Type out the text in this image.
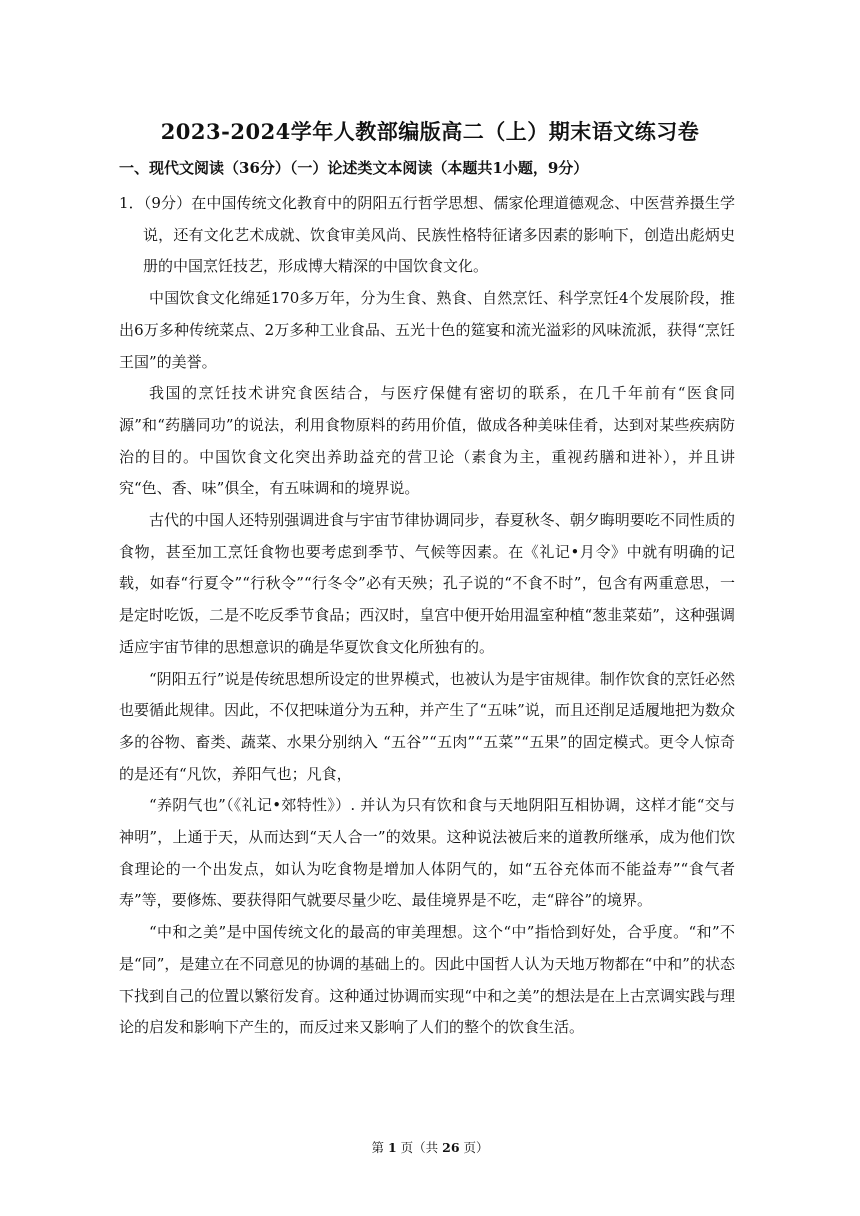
2023-2024学年人教部编版高二（上）期末语文练习卷
一、现代文阅读（36分）（一）论述类文本阅读（本题共1小题，9分）

1．（9分）在中国传统文化教育中的阴阳五行哲学思想、儒家伦理道德观念、中医营养摄生学说，还有文化艺术成就、饮食审美风尚、民族性格特征诸多因素的影响下，创造出彪炳史册的中国烹饪技艺，形成博大精深的中国饮食文化。

中国饮食文化绵延170多万年，分为生食、熟食、自然烹饪、科学烹饪4个发展阶段，推出6万多种传统菜点、2万多种工业食品、五光十色的筵宴和流光溢彩的风味流派，获得“烹饪王国”的美誉。

我国的烹饪技术讲究食医结合，与医疗保健有密切的联系，在几千年前有“医食同源”和“药膳同功”的说法，利用食物原料的药用价值，做成各种美味佳肴，达到对某些疾病防治的目的。中国饮食文化突出养助益充的营卫论（素食为主，重视药膳和进补），并且讲究“色、香、味”俱全，有五味调和的境界说。

古代的中国人还特别强调进食与宇宙节律协调同步，春夏秋冬、朝夕晦明要吃不同性质的食物，甚至加工烹饪食物也要考虑到季节、气候等因素。在《礼记•月令》中就有明确的记载，如春“行夏令”“行秋令”“行冬令”必有天殃；孔子说的“不食不时”，包含有两重意思，一是定时吃饭，二是不吃反季节食品；西汉时，皇宫中便开始用温室种植“葱韭菜茹”，这种强调适应宇宙节律的思想意识的确是华夏饮食文化所独有的。

“阴阳五行”说是传统思想所设定的世界模式，也被认为是宇宙规律。制作饮食的烹饪必然也要循此规律。因此，不仅把味道分为五种，并产生了“五味”说，而且还削足适履地把为数众多的谷物、畜类、蔬菜、水果分别纳入 “五谷”“五肉”“五菜”“五果”的固定模式。更令人惊奇的是还有“凡饮，养阳气也；凡食，

“养阴气也”（《礼记•郊特性》）. 并认为只有饮和食与天地阴阳互相协调，这样才能“交与神明”，上通于天，从而达到“天人合一”的效果。这种说法被后来的道教所继承，成为他们饮食理论的一个出发点，如认为吃食物是增加人体阴气的，如“五谷充体而不能益寿”“食气者寿”等，要修炼、要获得阳气就要尽量少吃、最佳境界是不吃，走“辟谷”的境界。

“中和之美”是中国传统文化的最高的审美理想。这个“中”指恰到好处，合乎度。“和”不是“同”，是建立在不同意见的协调的基础上的。因此中国哲人认为天地万物都在“中和”的状态下找到自己的位置以繁衍发育。这种通过协调而实现“中和之美”的想法是在上古烹调实践与理论的启发和影响下产生的，而反过来又影响了人们的整个的饮食生活。

第 1 页（共 26 页）
